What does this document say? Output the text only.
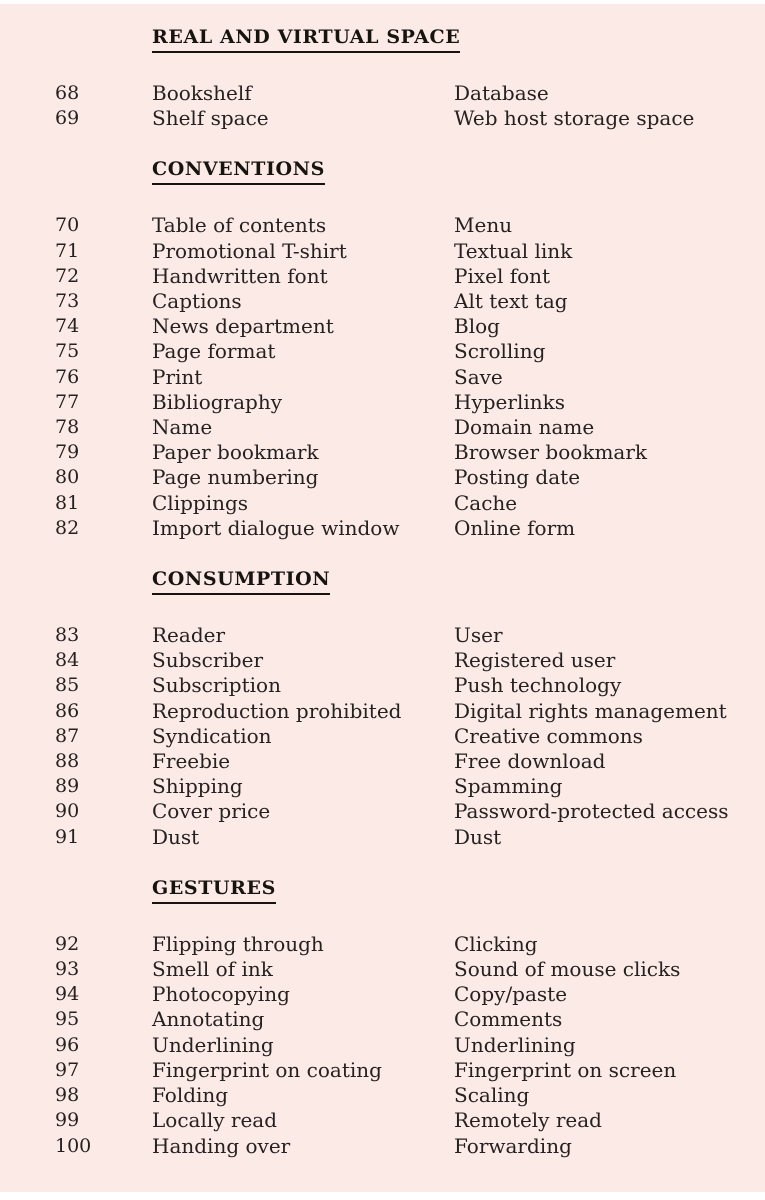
REAL AND VIRTUAL SPACE
68	Bookshelf	Database
69	Shelf space	Web host storage space
CONVENTIONS
70	Table of contents	Menu
71	Promotional T-shirt	Textual link
72	Handwritten font	Pixel font
73	Captions	Alt text tag
74	News department	Blog
75	Page format	Scrolling
76	Print	Save
77	Bibliography	Hyperlinks
78	Name	Domain name
79	Paper bookmark	Browser bookmark
80	Page numbering	Posting date
81	Clippings	Cache
82	Import dialogue window	Online form
CONSUMPTION
83	Reader	User
84	Subscriber	Registered user
85	Subscription	Push technology
86	Reproduction prohibited	Digital rights management
87	Syndication	Creative commons
88	Freebie	Free download
89	Shipping	Spamming
90	Cover price	Password-protected access
91	Dust	Dust
GESTURES
92	Flipping through	Clicking
93	Smell of ink	Sound of mouse clicks
94	Photocopying	Copy/paste
95	Annotating	Comments
96	Underlining	Underlining
97	Fingerprint on coating	Fingerprint on screen
98	Folding	Scaling
99	Locally read	Remotely read
100	Handing over	Forwarding
